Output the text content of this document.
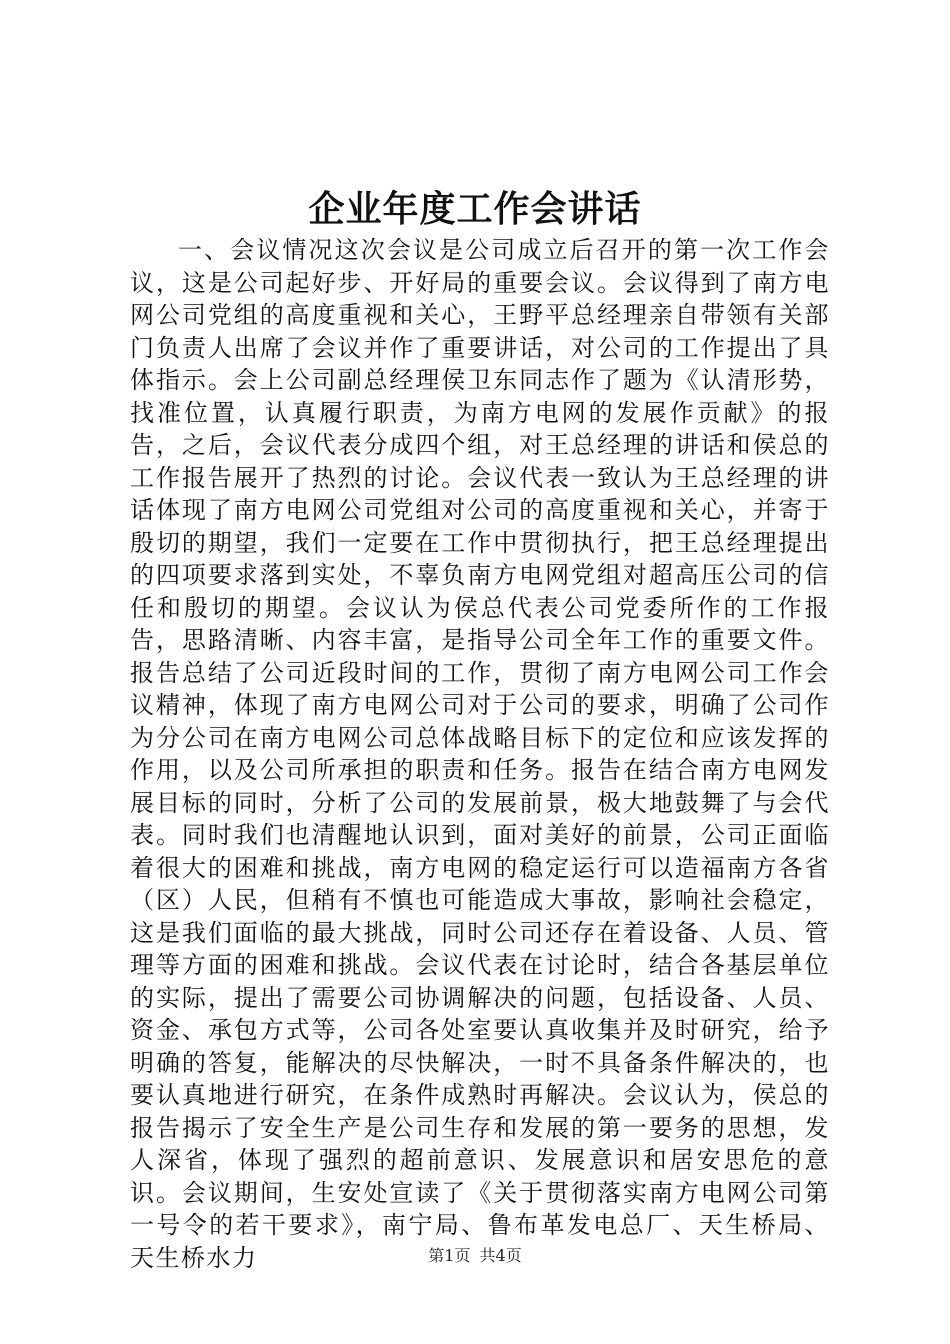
企业年度工作会讲话

一、会议情况这次会议是公司成立后召开的第一次工作会议，这是公司起好步、开好局的重要会议。会议得到了南方电网公司党组的高度重视和关心，王野平总经理亲自带领有关部门负责人出席了会议并作了重要讲话，对公司的工作提出了具体指示。会上公司副总经理侯卫东同志作了题为《认清形势，找准位置，认真履行职责，为南方电网的发展作贡献》的报告，之后，会议代表分成四个组，对王总经理的讲话和侯总的工作报告展开了热烈的讨论。会议代表一致认为王总经理的讲话体现了南方电网公司党组对公司的高度重视和关心，并寄于殷切的期望，我们一定要在工作中贯彻执行，把王总经理提出的四项要求落到实处，不辜负南方电网党组对超高压公司的信任和殷切的期望。会议认为侯总代表公司党委所作的工作报告，思路清晰、内容丰富，是指导公司全年工作的重要文件。报告总结了公司近段时间的工作，贯彻了南方电网公司工作会议精神，体现了南方电网公司对于公司的要求，明确了公司作为分公司在南方电网公司总体战略目标下的定位和应该发挥的作用，以及公司所承担的职责和任务。报告在结合南方电网发展目标的同时，分析了公司的发展前景，极大地鼓舞了与会代表。同时我们也清醒地认识到，面对美好的前景，公司正面临着很大的困难和挑战，南方电网的稳定运行可以造福南方各省（区）人民，但稍有不慎也可能造成大事故，影响社会稳定，这是我们面临的最大挑战，同时公司还存在着设备、人员、管理等方面的困难和挑战。会议代表在讨论时，结合各基层单位的实际，提出了需要公司协调解决的问题，包括设备、人员、资金、承包方式等，公司各处室要认真收集并及时研究，给予明确的答复，能解决的尽快解决，一时不具备条件解决的，也要认真地进行研究，在条件成熟时再解决。会议认为，侯总的报告揭示了安全生产是公司生存和发展的第一要务的思想，发人深省，体现了强烈的超前意识、发展意识和居安思危的意识。会议期间，生安处宣读了《关于贯彻落实南方电网公司第一号令的若干要求》，南宁局、鲁布革发电总厂、天生桥局、天生桥水力	第1页 共4页
